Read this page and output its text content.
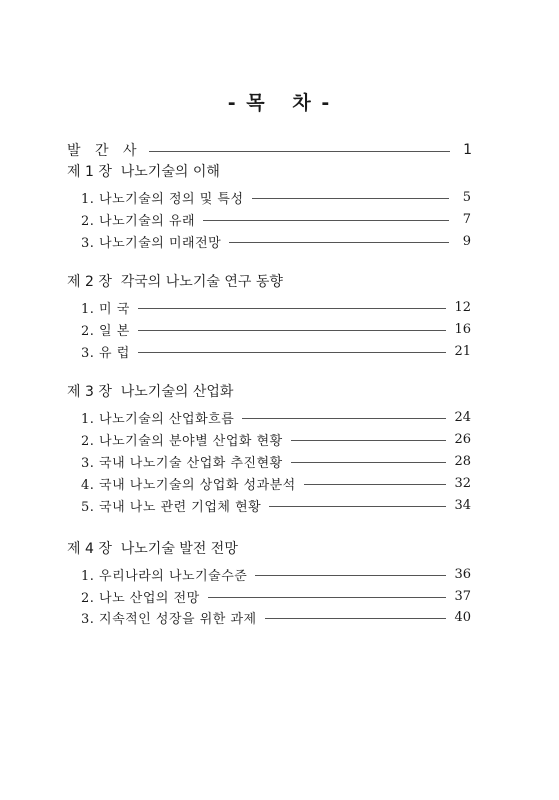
- 목   차 -
발 간 사	1
제 1 장  나노기술의 이해
1. 나노기술의 정의 및 특성	5
2. 나노기술의 유래	7
3. 나노기술의 미래전망	9
제 2 장  각국의 나노기술 연구 동향
1. 미 국	12
2. 일 본	16
3. 유 럽	21
제 3 장  나노기술의 산업화
1. 나노기술의 산업화흐름	24
2. 나노기술의 분야별 산업화 현황	26
3. 국내 나노기술 산업화 추진현황	28
4. 국내 나노기술의 상업화 성과분석	32
5. 국내 나노 관련 기업체 현황	34
제 4 장  나노기술 발전 전망
1. 우리나라의 나노기술수준	36
2. 나노 산업의 전망	37
3. 지속적인 성장을 위한 과제	40
